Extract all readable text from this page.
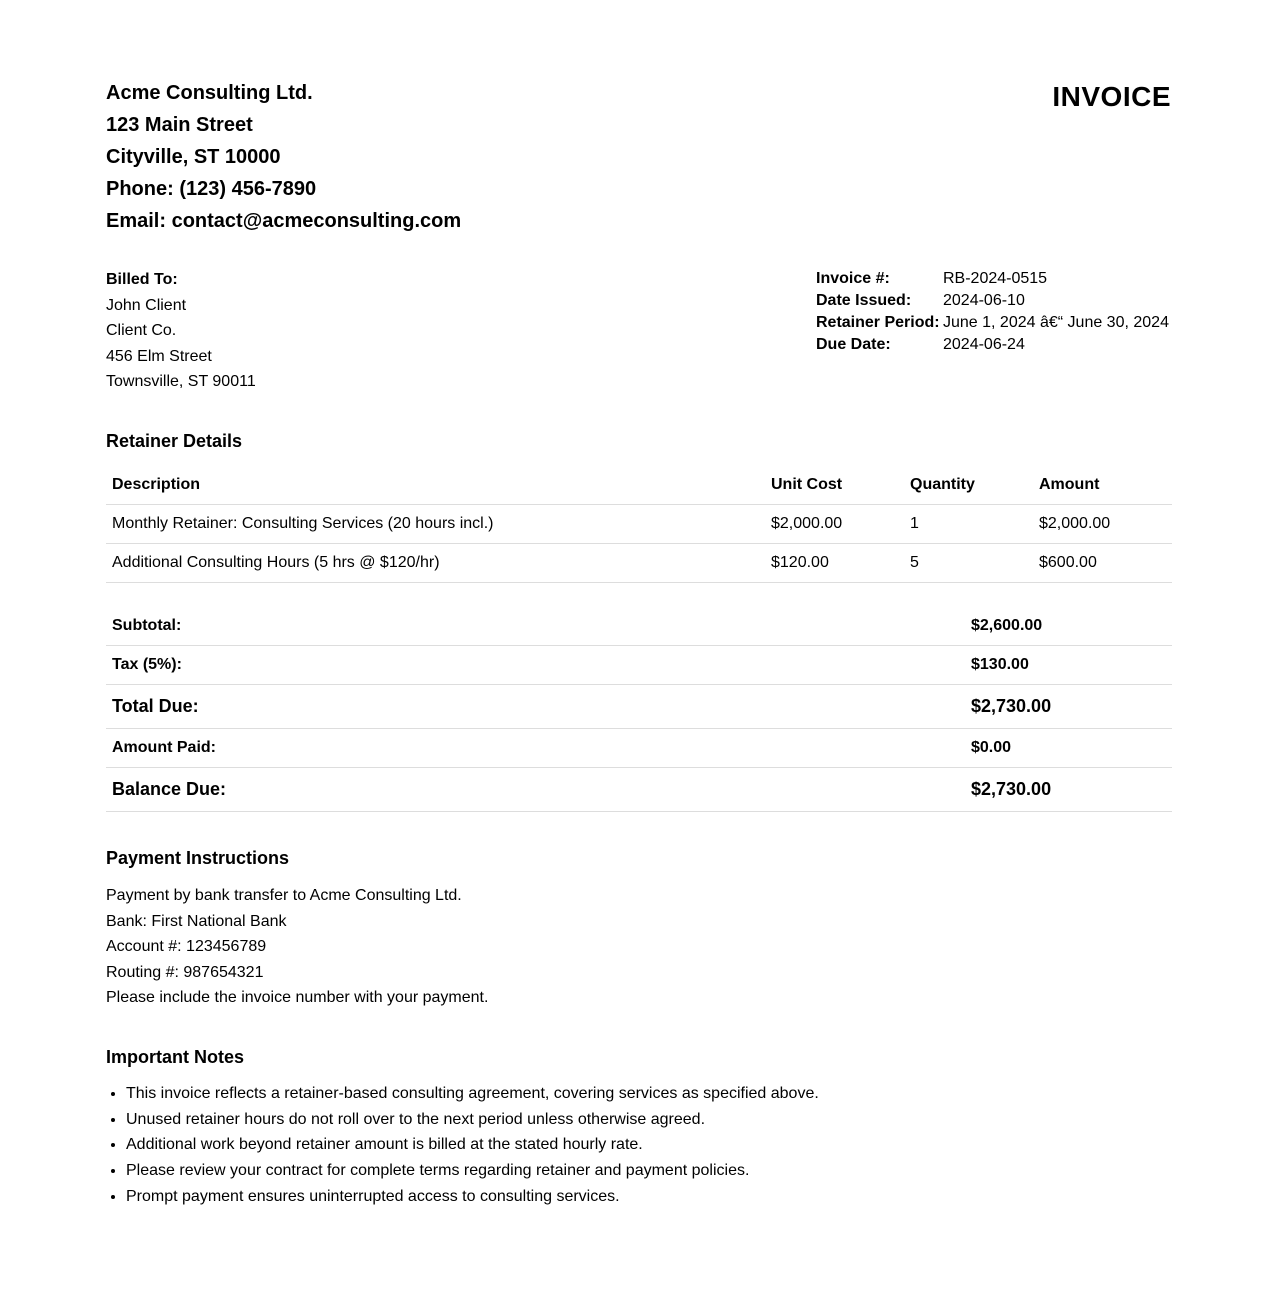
Acme Consulting Ltd.
123 Main Street
Cityville, ST 10000
Phone: (123) 456-7890
Email: contact@acmeconsulting.com
INVOICE
Billed To:
John Client
Client Co.
456 Elm Street
Townsville, ST 90011
Invoice #:	RB-2024-0515
Date Issued:	2024-06-10
Retainer Period:	June 1, 2024 â€“ June 30, 2024
Due Date:	2024-06-24
Retainer Details
Description	Unit Cost	Quantity	Amount
Monthly Retainer: Consulting Services (20 hours incl.)	$2,000.00	1	$2,000.00
Additional Consulting Hours (5 hrs @ $120/hr)	$120.00	5	$600.00
Subtotal:	$2,600.00
Tax (5%):	$130.00
Total Due:	$2,730.00
Amount Paid:	$0.00
Balance Due:	$2,730.00
Payment Instructions
Payment by bank transfer to Acme Consulting Ltd.
Bank: First National Bank
Account #: 123456789
Routing #: 987654321
Please include the invoice number with your payment.
Important Notes
• This invoice reflects a retainer-based consulting agreement, covering services as specified above.
• Unused retainer hours do not roll over to the next period unless otherwise agreed.
• Additional work beyond retainer amount is billed at the stated hourly rate.
• Please review your contract for complete terms regarding retainer and payment policies.
• Prompt payment ensures uninterrupted access to consulting services.
